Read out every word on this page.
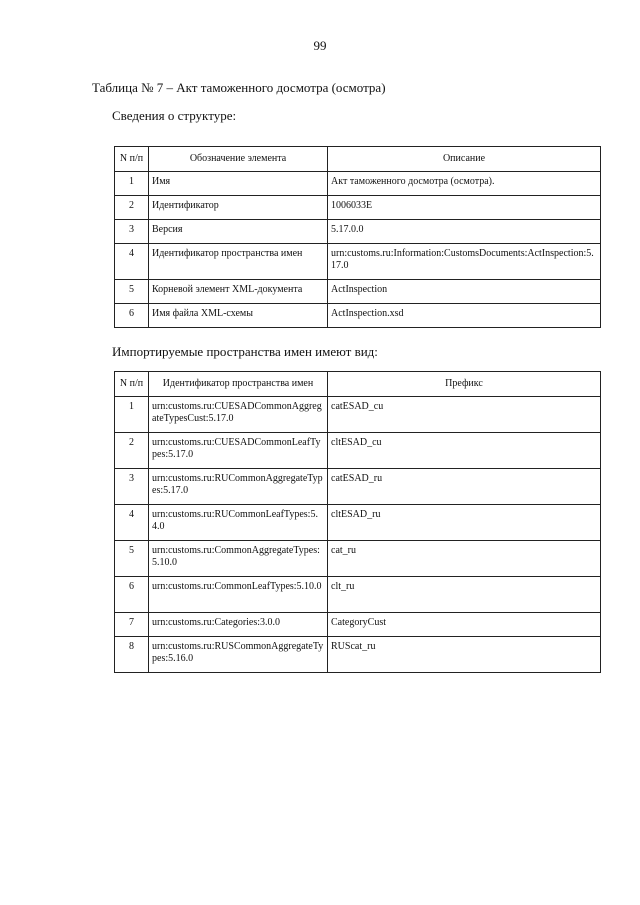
99
Таблица № 7 – Акт таможенного досмотра (осмотра)
Сведения о структуре:
N п/п	Обозначение элемента	Описание
1	Имя	Акт таможенного досмотра (осмотра).
2	Идентификатор	1006033E
3	Версия	5.17.0.0
4	Идентификатор пространства имен	urn:customs.ru:Information:CustomsDocuments:ActInspection:5.17.0
5	Корневой элемент XML-документа	ActInspection
6	Имя файла XML-схемы	ActInspection.xsd
Импортируемые пространства имен имеют вид:
N п/п	Идентификатор пространства имен	Префикс
1	urn:customs.ru:CUESADCommonAggregateTypesCust:5.17.0	catESAD_cu
2	urn:customs.ru:CUESADCommonLeafTypes:5.17.0	cltESAD_cu
3	urn:customs.ru:RUCommonAggregateTypes:5.17.0	catESAD_ru
4	urn:customs.ru:RUCommonLeafTypes:5.4.0	cltESAD_ru
5	urn:customs.ru:CommonAggregateTypes:5.10.0	cat_ru
6	urn:customs.ru:CommonLeafTypes:5.10.0	clt_ru
7	urn:customs.ru:Categories:3.0.0	CategoryCust
8	urn:customs.ru:RUSCommonAggregateTypes:5.16.0	RUScat_ru
